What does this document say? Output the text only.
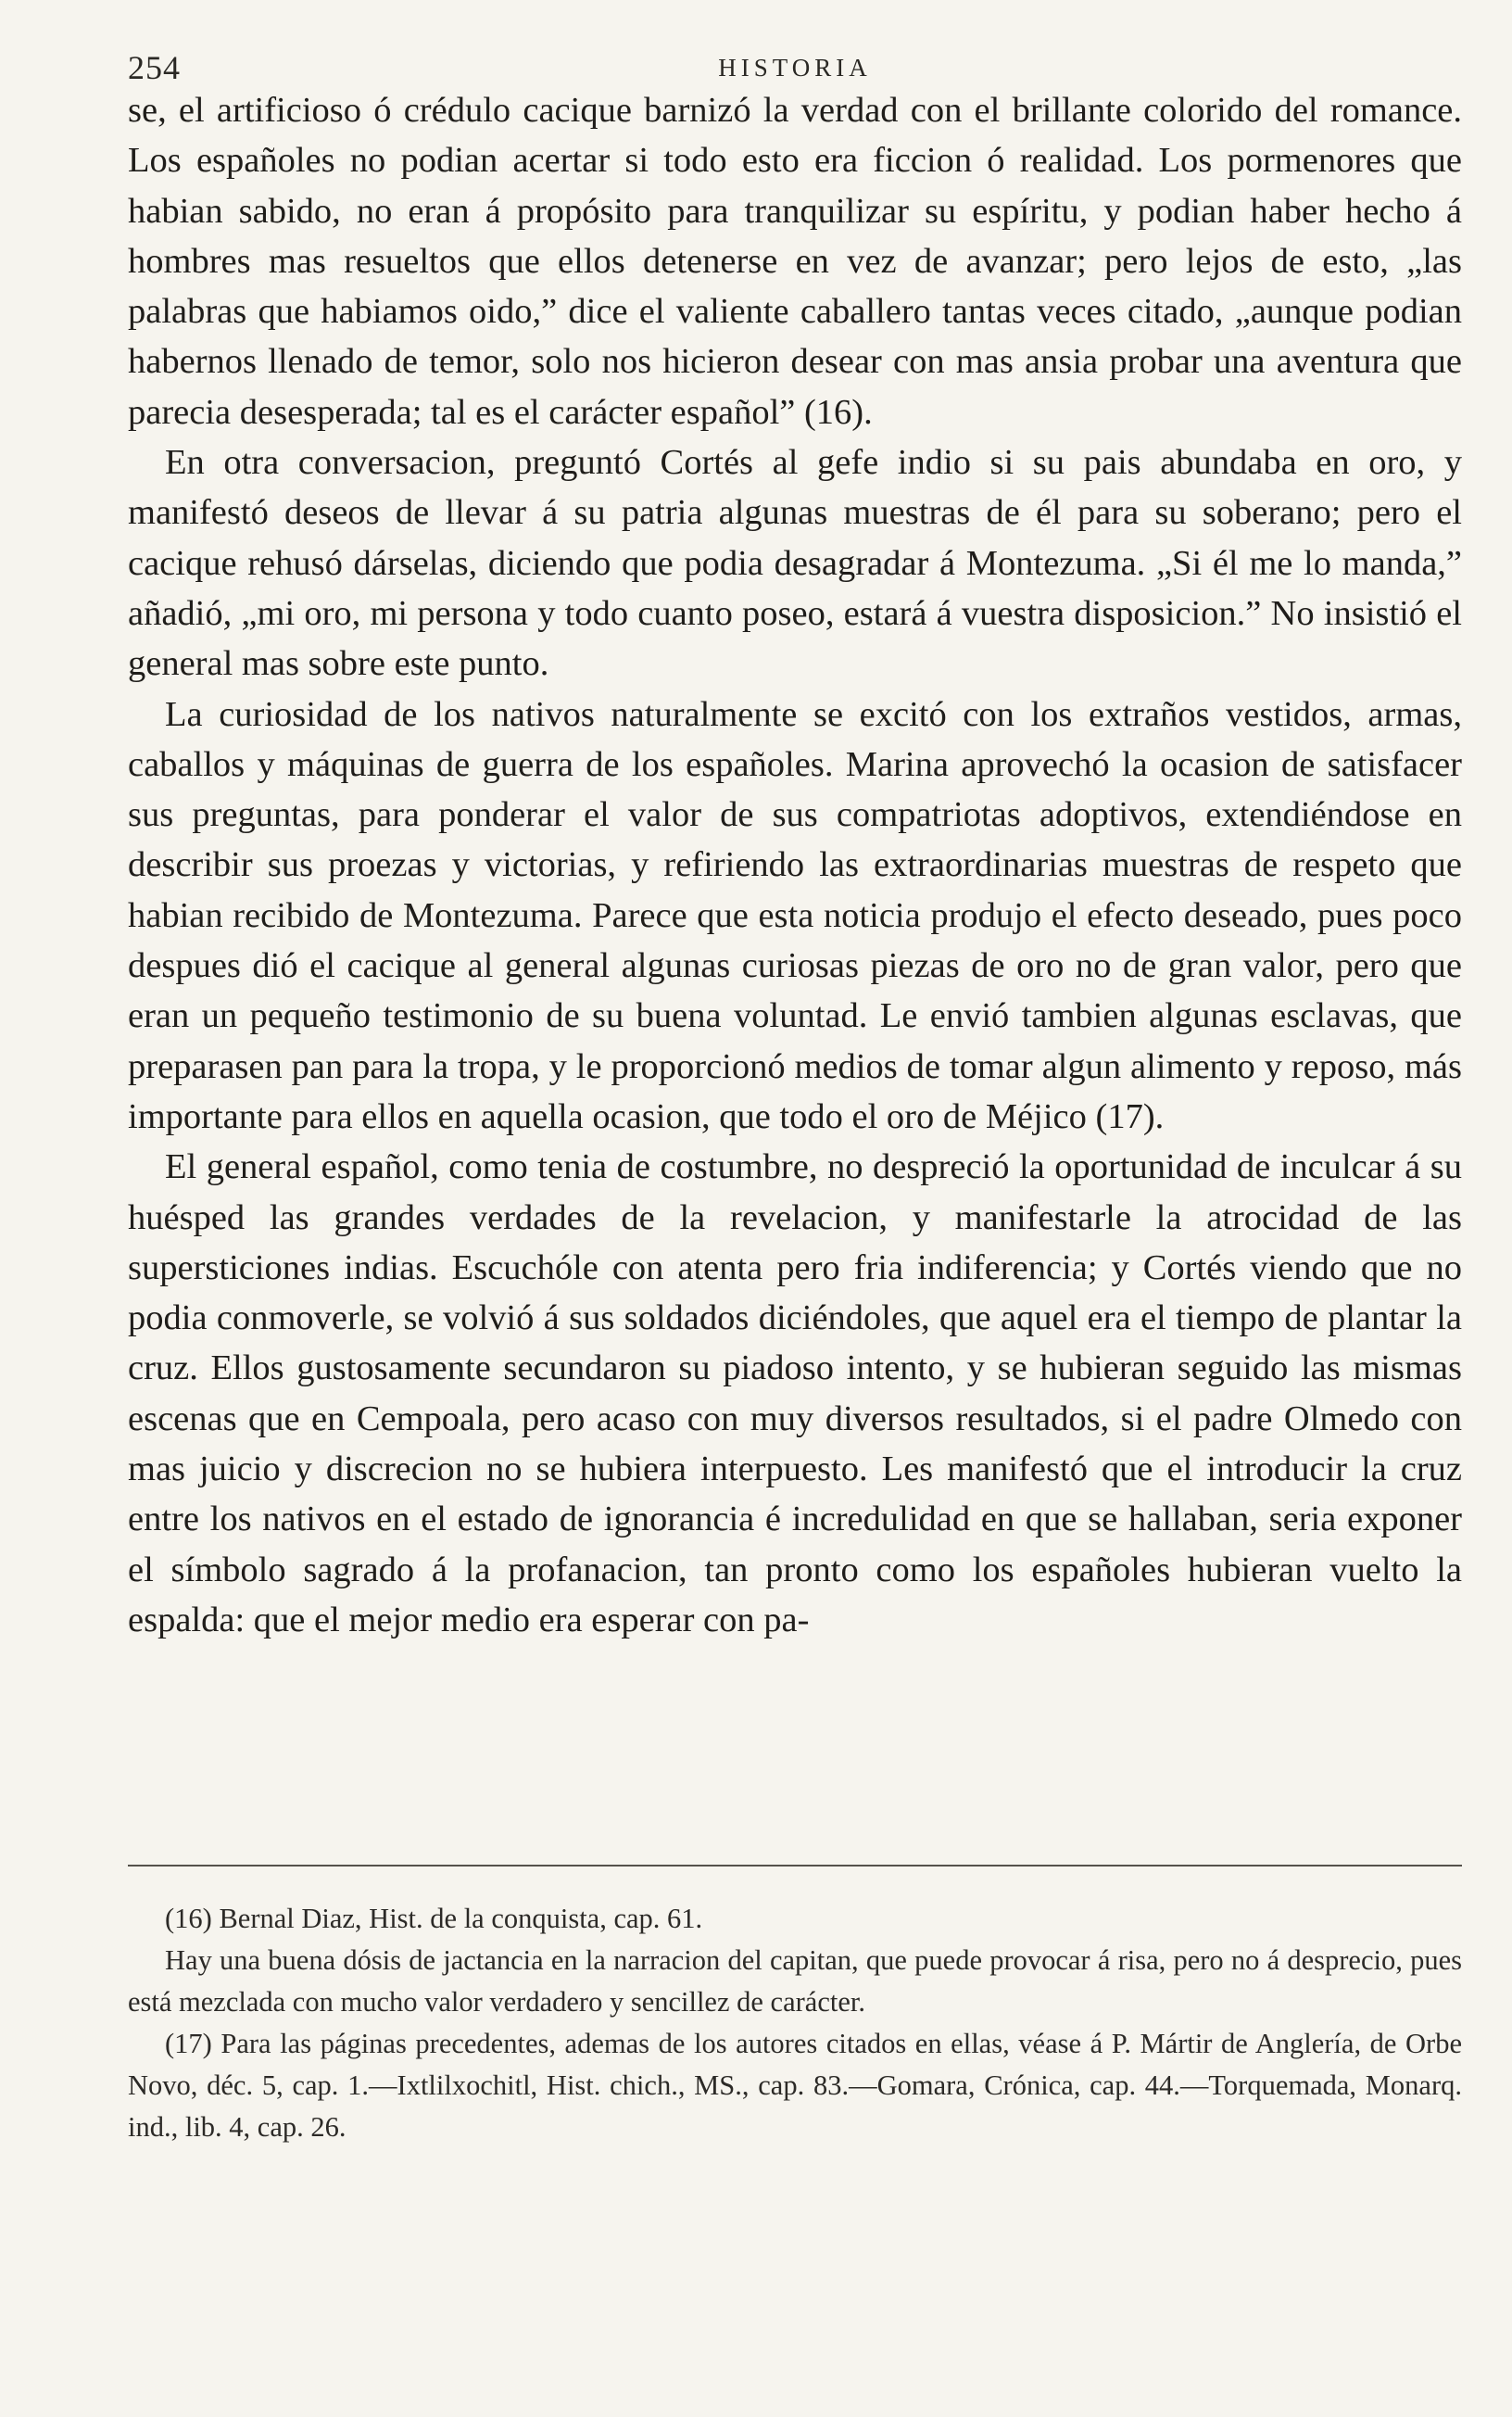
254	HISTORIA

se, el artificioso ó crédulo cacique barnizó la verdad con el brillante colorido del romance. Los españoles no podian acertar si todo esto era ficcion ó realidad. Los pormenores que habian sabido, no eran á propósito para tranquilizar su espíritu, y podian haber hecho á hombres mas resueltos que ellos detenerse en vez de avanzar; pero lejos de esto, „las palabras que habiamos oido,” dice el valiente caballero tantas veces citado, „aunque podian habernos llenado de temor, solo nos hicieron desear con mas ansia probar una aventura que parecia desesperada; tal es el carácter español” (16).

En otra conversacion, preguntó Cortés al gefe indio si su pais abundaba en oro, y manifestó deseos de llevar á su patria algunas muestras de él para su soberano; pero el cacique rehusó dárselas, diciendo que podia desagradar á Montezuma. „Si él me lo manda,” añadió, „mi oro, mi persona y todo cuanto poseo, estará á vuestra disposicion.” No insistió el general mas sobre este punto.

La curiosidad de los nativos naturalmente se excitó con los extraños vestidos, armas, caballos y máquinas de guerra de los españoles. Marina aprovechó la ocasion de satisfacer sus preguntas, para ponderar el valor de sus compatriotas adoptivos, extendiéndose en describir sus proezas y victorias, y refiriendo las extraordinarias muestras de respeto que habian recibido de Montezuma. Parece que esta noticia produjo el efecto deseado, pues poco despues dió el cacique al general algunas curiosas piezas de oro no de gran valor, pero que eran un pequeño testimonio de su buena voluntad. Le envió tambien algunas esclavas, que preparasen pan para la tropa, y le proporcionó medios de tomar algun alimento y reposo, más importante para ellos en aquella ocasion, que todo el oro de Méjico (17).

El general español, como tenia de costumbre, no despreció la oportunidad de inculcar á su huésped las grandes verdades de la revelacion, y manifestarle la atrocidad de las supersticiones indias. Escuchóle con atenta pero fria indiferencia; y Cortés viendo que no podia conmoverle, se volvió á sus soldados diciéndoles, que aquel era el tiempo de plantar la cruz. Ellos gustosamente secundaron su piadoso intento, y se hubieran seguido las mismas escenas que en Cempoala, pero acaso con muy diversos resultados, si el padre Olmedo con mas juicio y discrecion no se hubiera interpuesto. Les manifestó que el introducir la cruz entre los nativos en el estado de ignorancia é incredulidad en que se hallaban, seria exponer el símbolo sagrado á la profanacion, tan pronto como los españoles hubieran vuelto la espalda: que el mejor medio era esperar con pa-

(16) Bernal Diaz, Hist. de la conquista, cap. 61.

Hay una buena dósis de jactancia en la narracion del capitan, que puede provocar á risa, pero no á desprecio, pues está mezclada con mucho valor verdadero y sencillez de carácter.

(17) Para las páginas precedentes, ademas de los autores citados en ellas, véase á P. Mártir de Anglería, de Orbe Novo, déc. 5, cap. 1.—Ixtlilxochitl, Hist. chich., MS., cap. 83.—Gomara, Crónica, cap. 44.—Torquemada, Monarq. ind., lib. 4, cap. 26.
